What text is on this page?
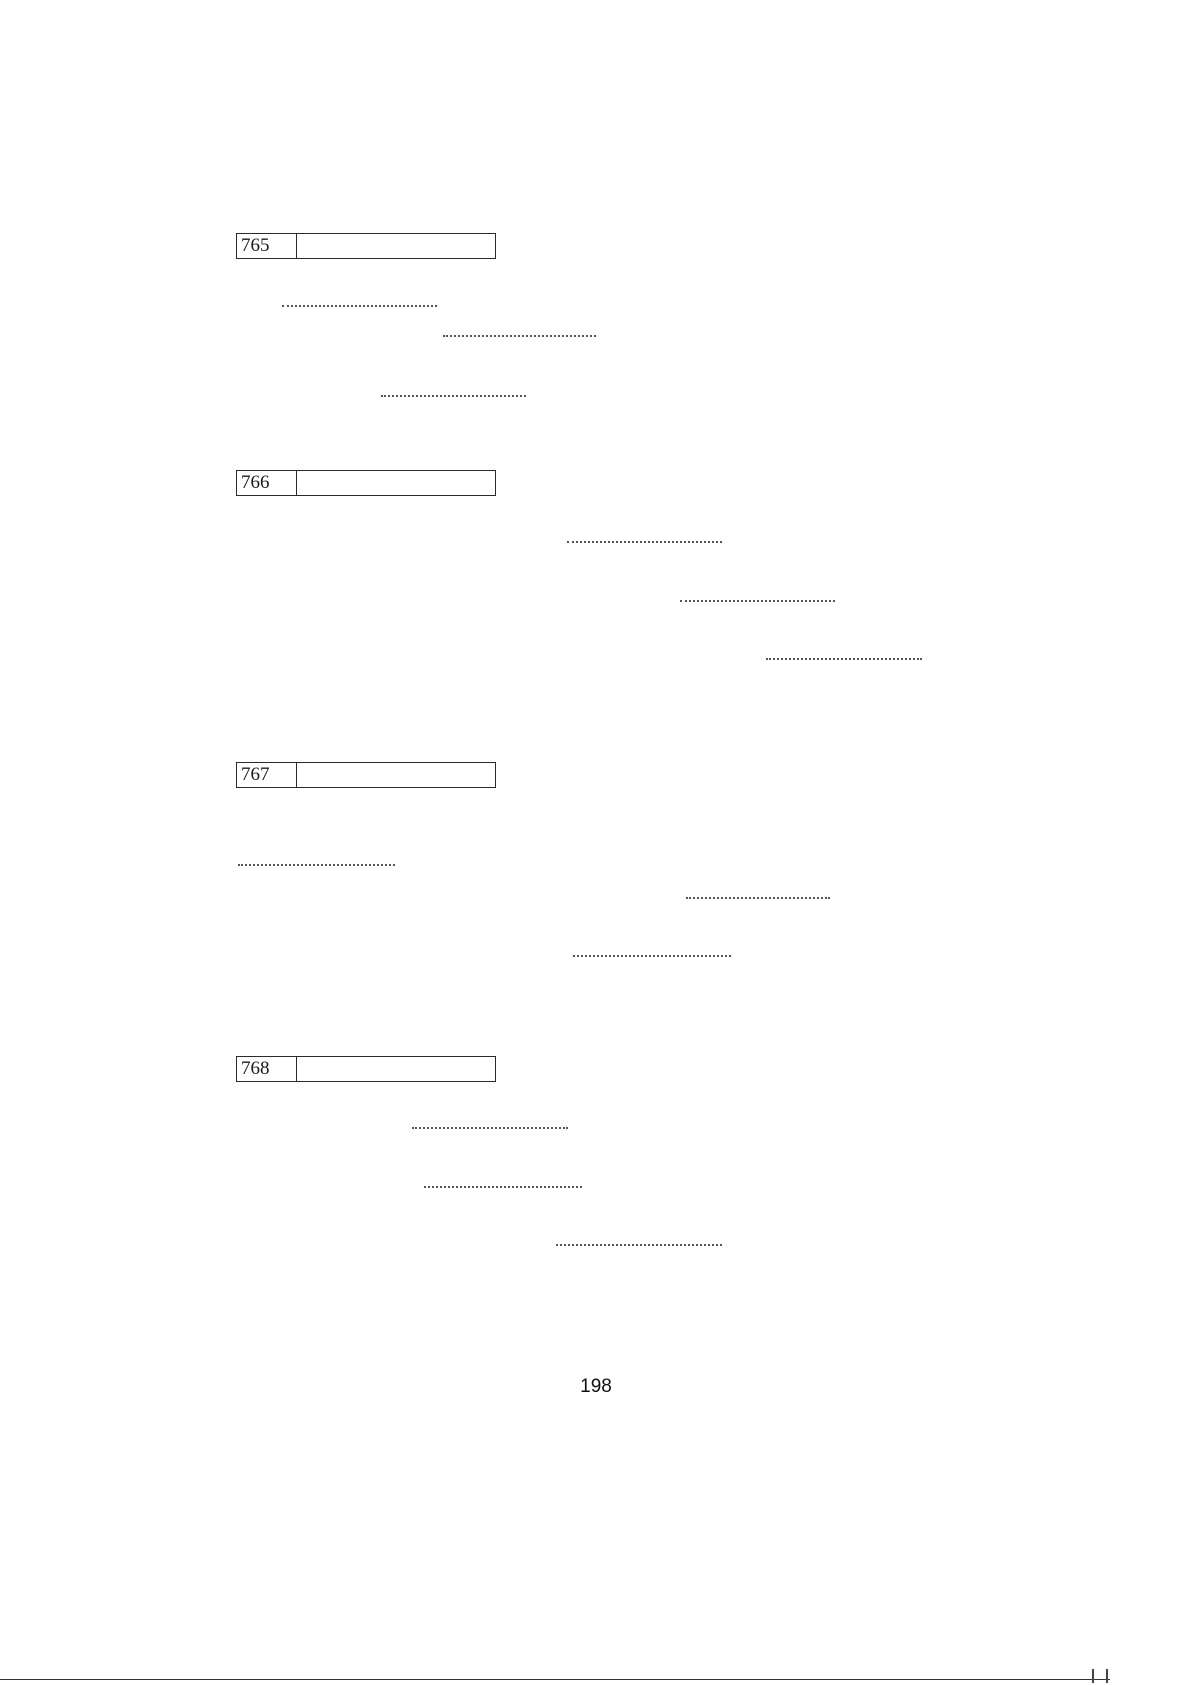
765
766
767
768
198
